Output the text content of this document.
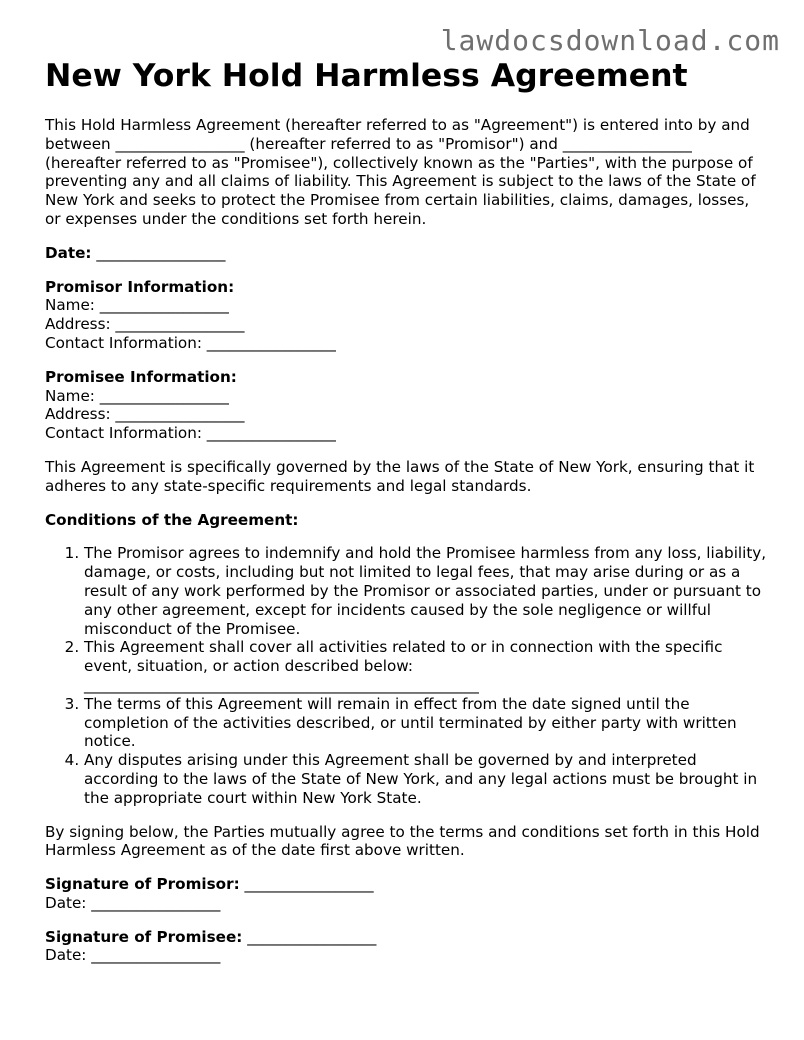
lawdocsdownload.com
New York Hold Harmless Agreement

This Hold Harmless Agreement (hereafter referred to as "Agreement") is entered into by and between _________________ (hereafter referred to as "Promisor") and _________________ (hereafter referred to as "Promisee"), collectively known as the "Parties", with the purpose of preventing any and all claims of liability. This Agreement is subject to the laws of the State of New York and seeks to protect the Promisee from certain liabilities, claims, damages, losses, or expenses under the conditions set forth herein.

Date: _________________

Promisor Information:
Name: _________________
Address: _________________
Contact Information: _________________
Promisee Information:
Name: _________________
Address: _________________
Contact Information: _________________

This Agreement is specifically governed by the laws of the State of New York, ensuring that it adheres to any state-specific requirements and legal standards.

Conditions of the Agreement:

1. The Promisor agrees to indemnify and hold the Promisee harmless from any loss, liability, damage, or costs, including but not limited to legal fees, that may arise during or as a result of any work performed by the Promisor or associated parties, under or pursuant to any other agreement, except for incidents caused by the sole negligence or willful misconduct of the Promisee.
2. This Agreement shall cover all activities related to or in connection with the specific event, situation, or action described below:
____________________________________________________
3. The terms of this Agreement will remain in effect from the date signed until the completion of the activities described, or until terminated by either party with written notice.
4. Any disputes arising under this Agreement shall be governed by and interpreted according to the laws of the State of New York, and any legal actions must be brought in the appropriate court within New York State.

By signing below, the Parties mutually agree to the terms and conditions set forth in this Hold Harmless Agreement as of the date first above written.

Signature of Promisor: _________________
Date: _________________
Signature of Promisee: _________________
Date: _________________
